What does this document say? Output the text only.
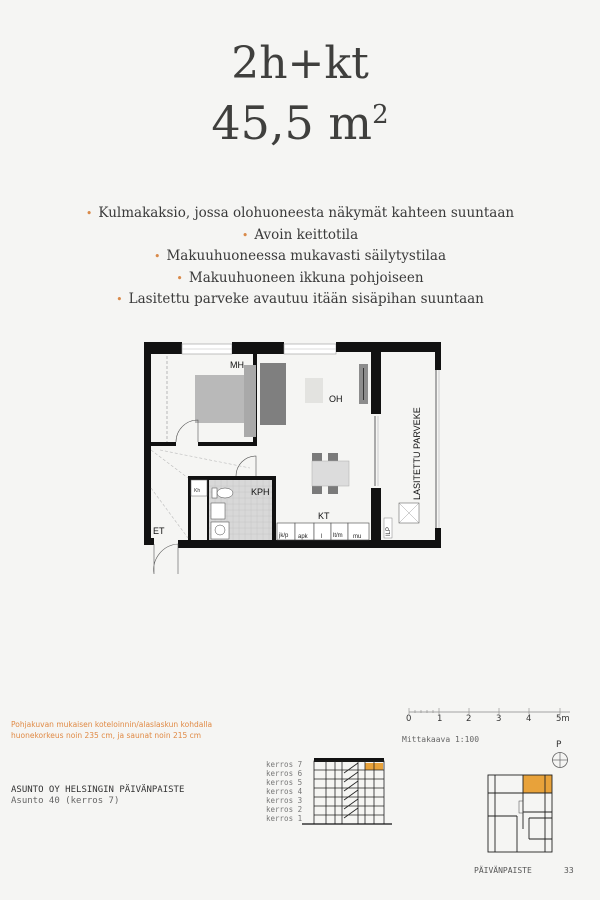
2h+kt
45,5 $m^2$
• Kulmakaksio, jossa olohuoneesta näkymät kahteen suuntaan
• Avoin keittotila
• Makuuhuoneessa mukavasti säilytystilaa
• Makuuhuoneen ikkuna pohjoiseen
• Lasitettu parveke avautuu itään sisäpihan suuntaan
Kh
jk/p apk l lt/m mu
ILP
MH
OH
KPH
KT
ET
LASITETTU PARVEKE
Pohjakuvan mukaisen koteloinnin/alaslaskun kohdalla
huonekorkeus noin 235 cm, ja saunat noin 215 cm
ASUNTO OY HELSINGIN PÄIVÄNPAISTE
Asunto 40 (kerros 7)
0	1	2	3	4	5m
Mittakaava 1:100
kerros 7
kerros 6
kerros 5
kerros 4
kerros 3
kerros 2
kerros 1
P
PÄIVÄNPAISTE	33
